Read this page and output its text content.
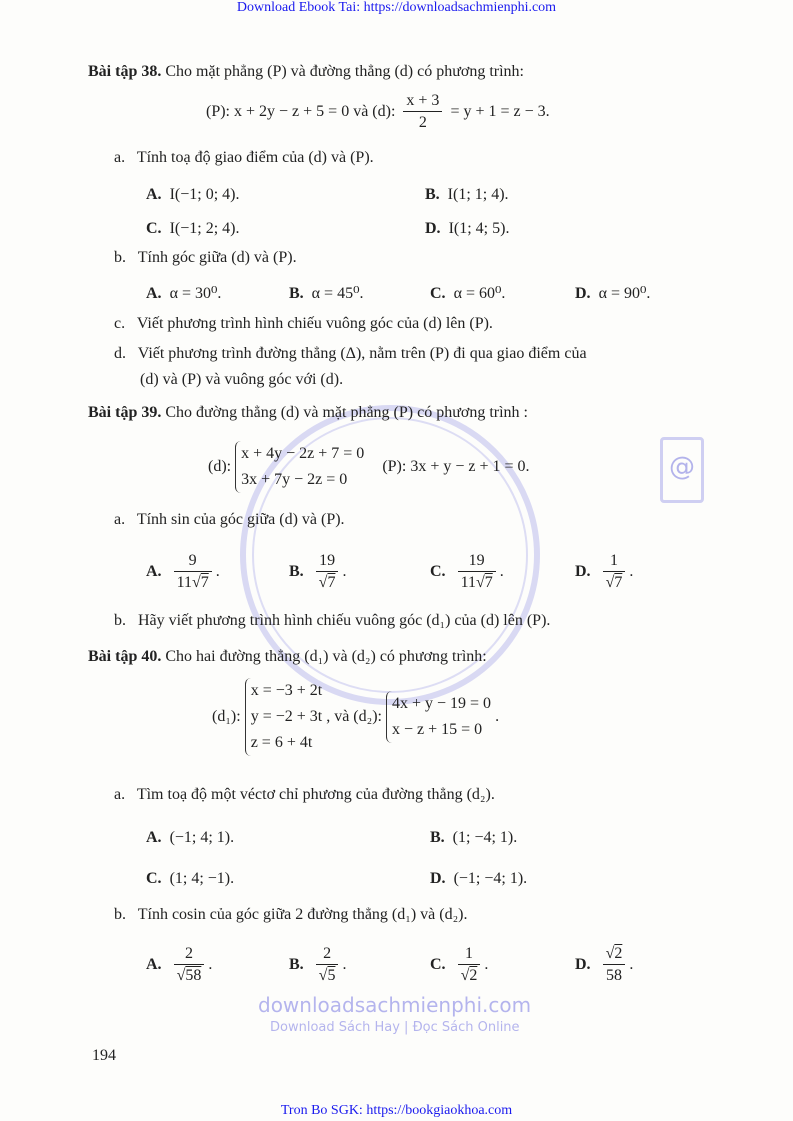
Download Ebook Tai: https://downloadsachmienphi.com
@
downloadsachmienphi.com
Download Sách Hay | Đọc Sách Online
Bài tập 38. Cho mặt phẳng (P) và đường thẳng (d) có phương trình:
(P): x + 2y − z + 5 = 0 và (d): $\frac{x + 3}{2} = y + 1 = z - 3$.
a. Tính toạ độ giao điểm của (d) và (P).
A. I(−1; 0; 4).	B. I(1; 1; 4).
C. I(−1; 2; 4).	D. I(1; 4; 5).
b. Tính góc giữa (d) và (P).
A. α = 30⁰.	B. α = 45⁰.	C. α = 60⁰.	D. α = 90⁰.
c. Viết phương trình hình chiếu vuông góc của (d) lên (P).
d. Viết phương trình đường thẳng (Δ), nằm trên (P) đi qua giao điểm của
(d) và (P) và vuông góc với (d).
Bài tập 39. Cho đường thẳng (d) và mặt phẳng (P) có phương trình :
(d):
x + 4y − 2z + 7 = 0
3x + 7y − 2z = 0
(P): 3x + y − z + 1 = 0.
a. Tính sin của góc giữa (d) và (P).
A. $\frac{9}{11√7}$ .	B. $\frac{19}{√7}$ .	C. $\frac{19}{11√7}$ .	D. $\frac{1}{√7}$ .
b. Hãy viết phương trình hình chiếu vuông góc (d₁) của (d) lên (P).
Bài tập 40. Cho hai đường thẳng (d₁) và (d₂) có phương trình:
(d₁):
x = −3 + 2t
y = −2 + 3t
z = 6 + 4t
, và (d₂):
4x + y − 19 = 0
x − z + 15 = 0
.
a. Tìm toạ độ một véctơ chỉ phương của đường thẳng (d₂).
A. (−1; 4; 1).	B. (1; −4; 1).
C. (1; 4; −1).	D. (−1; −4; 1).
b. Tính cosin của góc giữa 2 đường thẳng (d₁) và (d₂).
A. $\frac{2}{√58}$ .	B. $\frac{2}{√5}$ .	C. $\frac{1}{√2}$ .	D. $\frac{√2}{58}$ .
194
Tron Bo SGK: https://bookgiaokhoa.com
